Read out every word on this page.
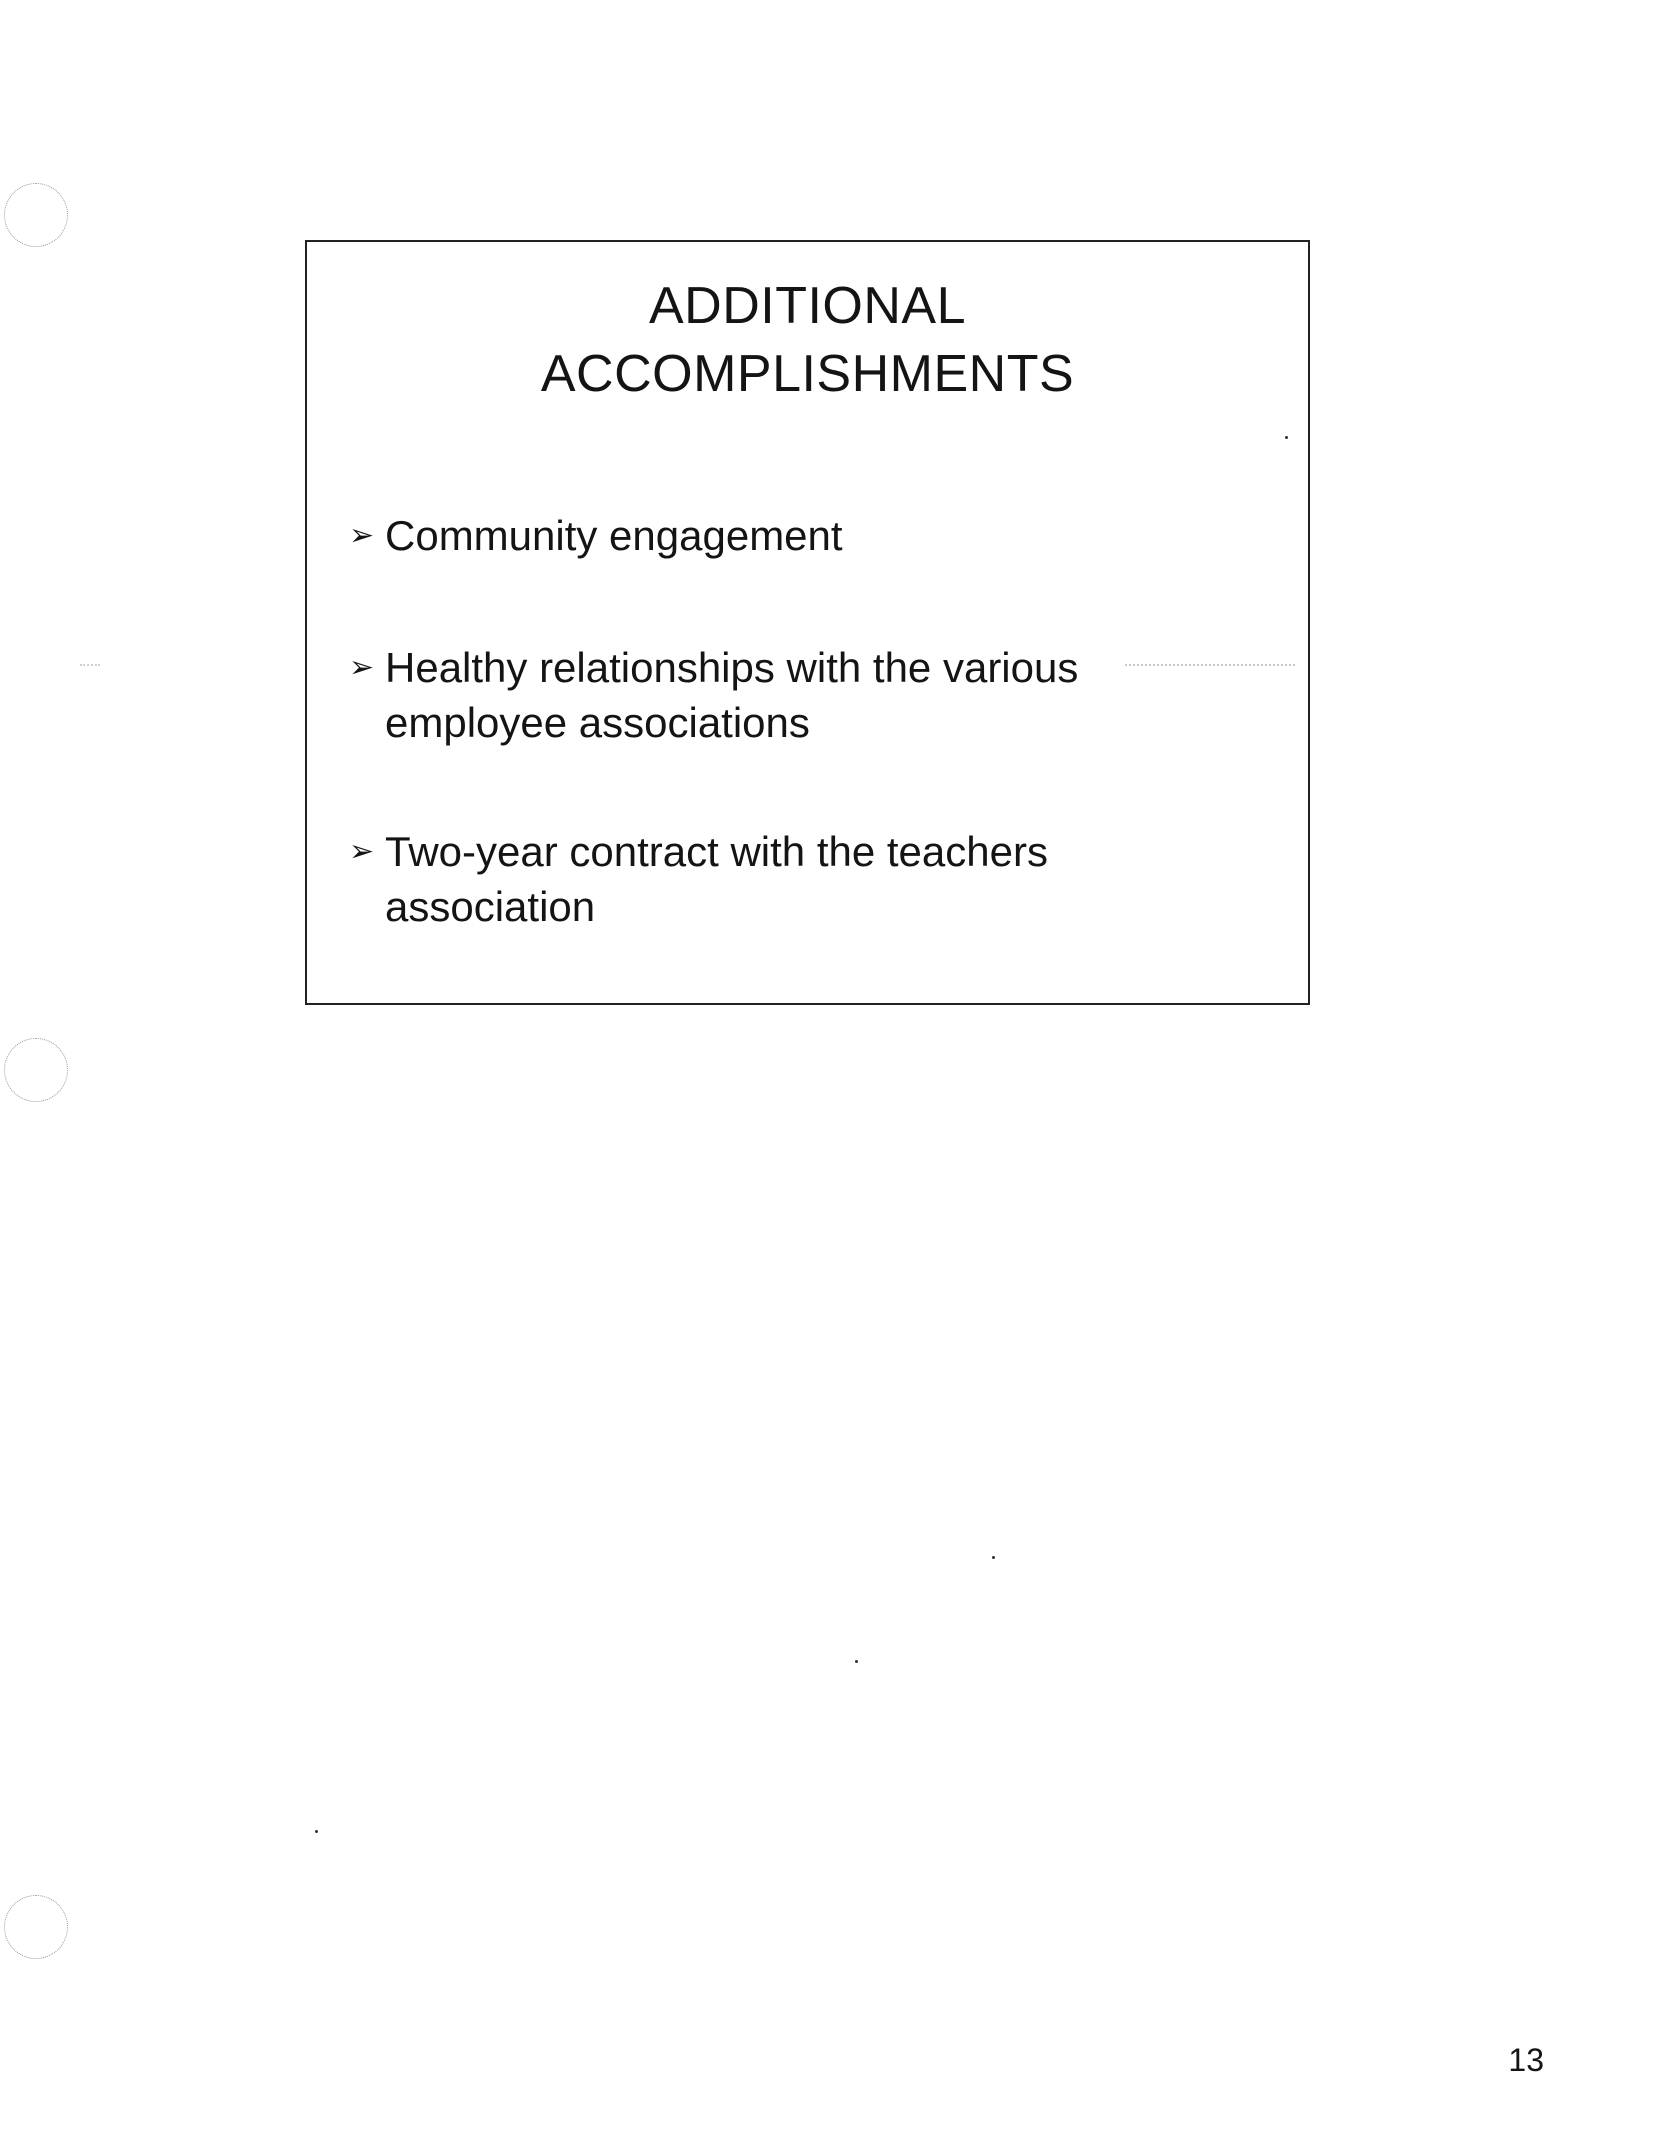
ADDITIONAL
ACCOMPLISHMENTS
➢ Community engagement
➢ Healthy relationships with the various employee associations
➢ Two-year contract with the teachers association
13
